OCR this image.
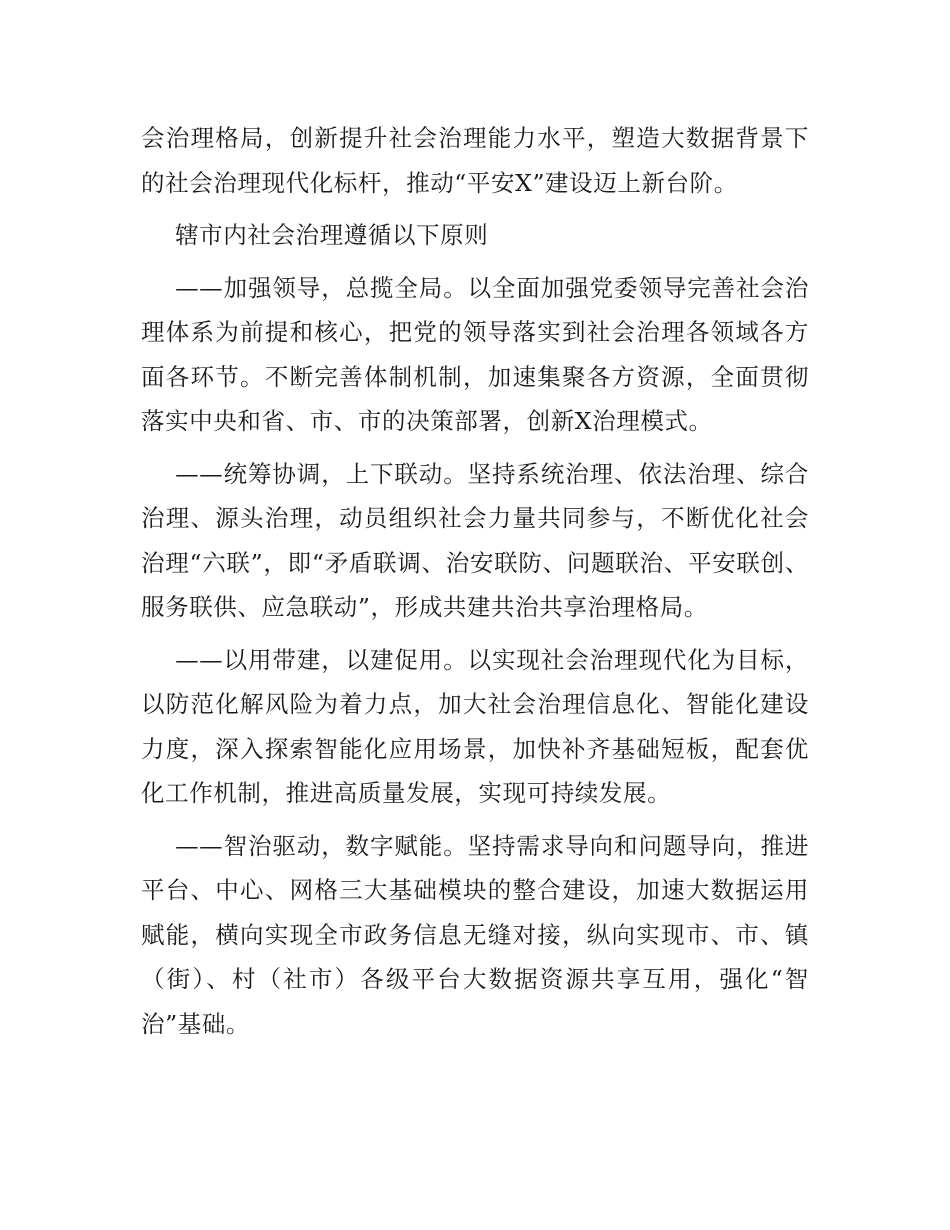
会治理格局，创新提升社会治理能力水平，塑造大数据背景下的社会治理现代化标杆，推动“平安X”建设迈上新台阶。

辖市内社会治理遵循以下原则

——加强领导，总揽全局。以全面加强党委领导完善社会治理体系为前提和核心，把党的领导落实到社会治理各领域各方面各环节。不断完善体制机制，加速集聚各方资源，全面贯彻落实中央和省、市、市的决策部署，创新X治理模式。

——统筹协调，上下联动。坚持系统治理、依法治理、综合治理、源头治理，动员组织社会力量共同参与，不断优化社会治理“六联”，即“矛盾联调、治安联防、问题联治、平安联创、服务联供、应急联动”，形成共建共治共享治理格局。

——以用带建，以建促用。以实现社会治理现代化为目标，以防范化解风险为着力点，加大社会治理信息化、智能化建设力度，深入探索智能化应用场景，加快补齐基础短板，配套优化工作机制，推进高质量发展，实现可持续发展。

——智治驱动，数字赋能。坚持需求导向和问题导向，推进平台、中心、网格三大基础模块的整合建设，加速大数据运用赋能，横向实现全市政务信息无缝对接，纵向实现市、市、镇（街）、村（社市）各级平台大数据资源共享互用，强化“智治”基础。
